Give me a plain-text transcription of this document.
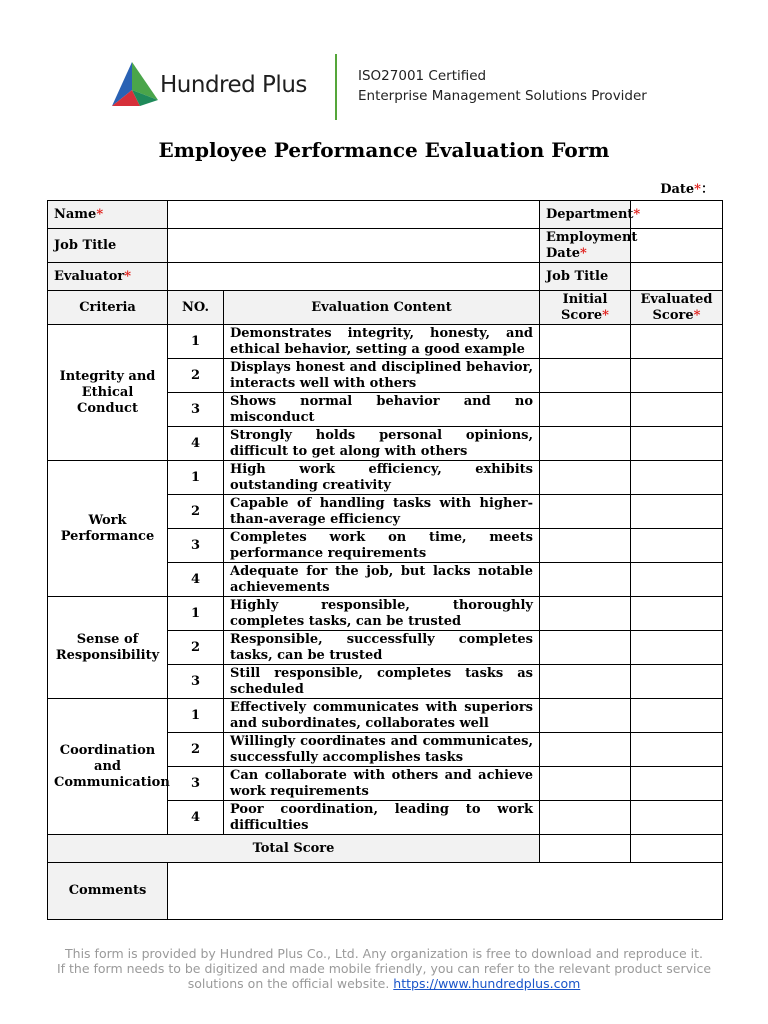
Hundred Plus	ISO27001 Certified
Enterprise Management Solutions Provider
Employee Performance Evaluation Form
Date*：
Name*			Department*	
Job Title			Employment Date*	
Evaluator*			Job Title	
Criteria	NO.	Evaluation Content	Initial Score*	Evaluated Score*
Integrity and Ethical Conduct	1	Demonstrates integrity, honesty, and ethical behavior, setting a good example		
	2	Displays honest and disciplined behavior, interacts well with others		
	3	Shows normal behavior and no misconduct		
	4	Strongly holds personal opinions, difficult to get along with others		
Work Performance	1	High work efficiency, exhibits outstanding creativity		
	2	Capable of handling tasks with higher-than-average efficiency		
	3	Completes work on time, meets performance requirements		
	4	Adequate for the job, but lacks notable achievements		
Sense of Responsibility	1	Highly responsible, thoroughly completes tasks, can be trusted		
	2	Responsible, successfully completes tasks, can be trusted		
	3	Still responsible, completes tasks as scheduled		
Coordination and Communication	1	Effectively communicates with superiors and subordinates, collaborates well		
	2	Willingly coordinates and communicates, successfully accomplishes tasks		
	3	Can collaborate with others and achieve work requirements		
	4	Poor coordination, leading to work difficulties		
Total Score				
Comments				
This form is provided by Hundred Plus Co., Ltd. Any organization is free to download and reproduce it.
If the form needs to be digitized and made mobile friendly, you can refer to the relevant product service
solutions on the official website. https://www.hundredplus.com
